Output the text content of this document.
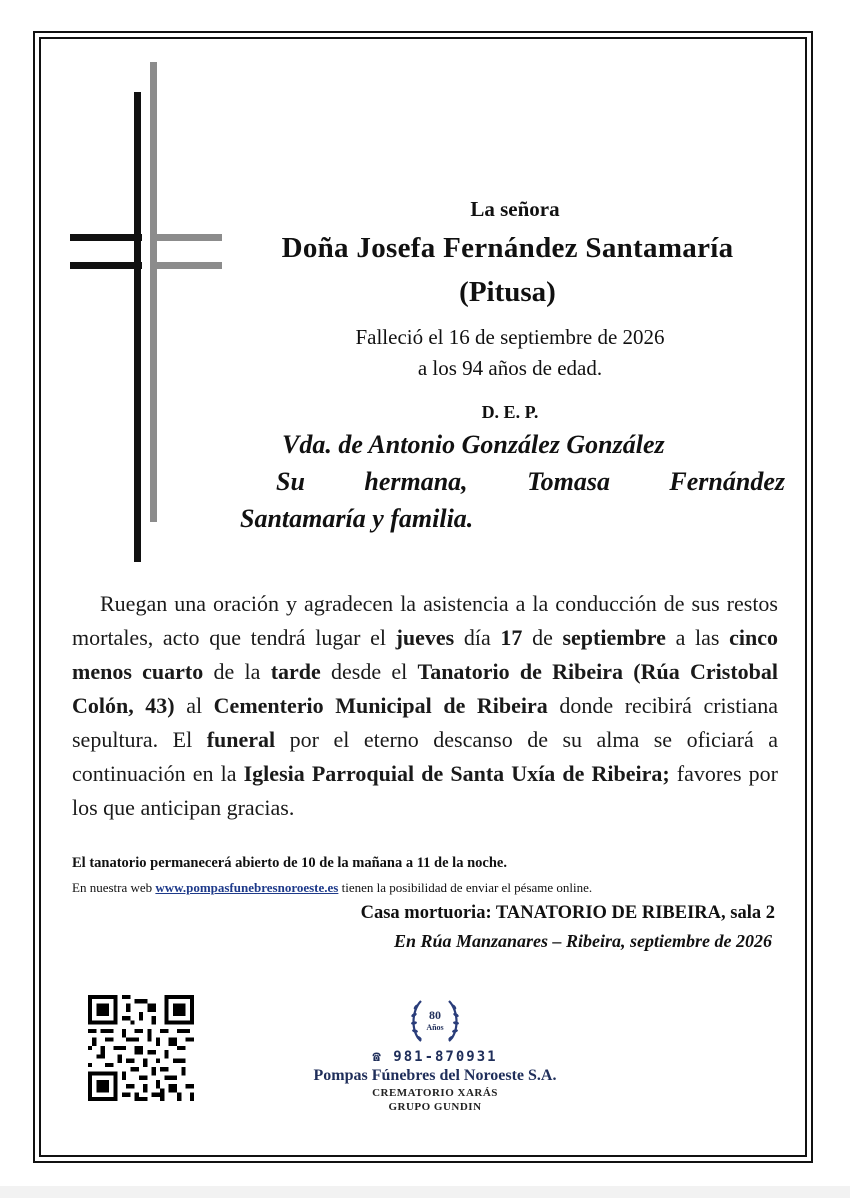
La señora
Doña Josefa Fernández Santamaría
(Pitusa)
Falleció el 16 de septiembre de 2026
a los 94 años de edad.
D. E. P.
Vda. de Antonio González González
Su hermana, Tomasa Fernández
Santamaría y familia.
Ruegan una oración y agradecen la asistencia a la conducción de sus restos mortales, acto que tendrá lugar el jueves día 17 de septiembre a las cinco menos cuarto de la tarde desde el Tanatorio de Ribeira (Rúa Cristobal Colón, 43) al Cementerio Municipal de Ribeira donde recibirá cristiana sepultura. El funeral por el eterno descanso de su alma se oficiará a continuación en la Iglesia Parroquial de Santa Uxía de Ribeira; favores por los que anticipan gracias.
El tanatorio permanecerá abierto de 10 de la mañana a 11 de la noche.
En nuestra web www.pompasfunebresnoroeste.es tienen la posibilidad de enviar el pésame online.
Casa mortuoria: TANATORIO DE RIBEIRA, sala 2
En Rúa Manzanares – Ribeira, septiembre de 2026
80
Años
☎ 981-870931
Pompas Fúnebres del Noroeste S.A.
CREMATORIO XARÁS
GRUPO GUNDIN
